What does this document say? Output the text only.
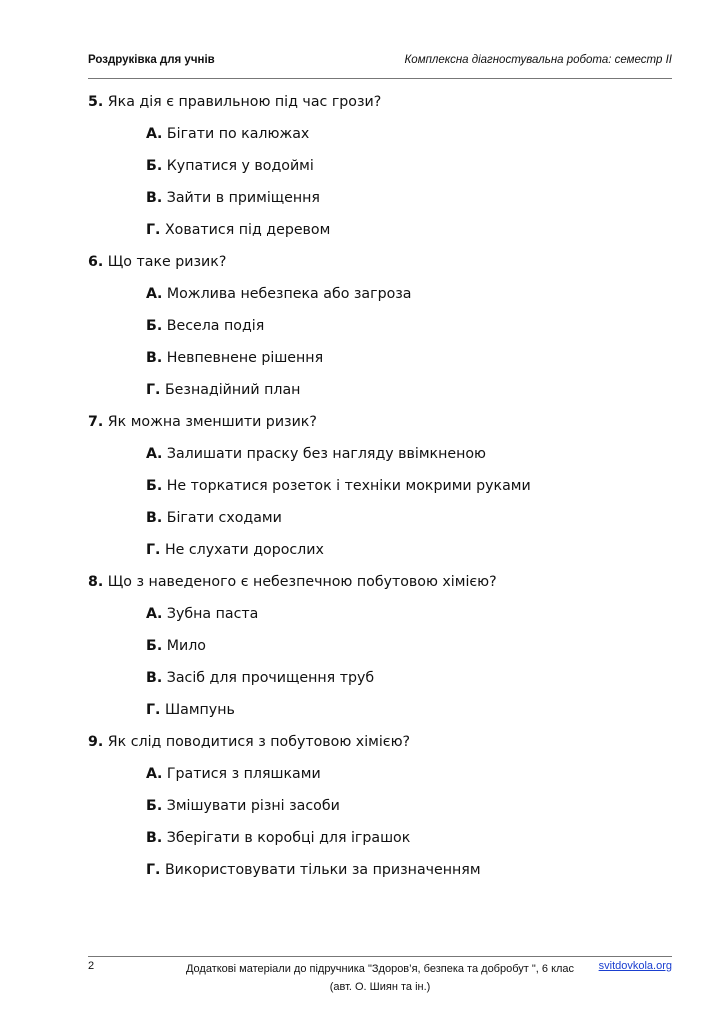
Роздруківка для учнів	Комплексна діагностувальна робота: семестр ІІ
5. Яка дія є правильною під час грози?
А. Бігати по калюжах
Б. Купатися у водоймі
В. Зайти в приміщення
Г. Ховатися під деревом
6. Що таке ризик?
А. Можлива небезпека або загроза
Б. Весела подія
В. Невпевнене рішення
Г. Безнадійний план
7. Як можна зменшити ризик?
А. Залишати праску без нагляду ввімкненою
Б. Не торкатися розеток і техніки мокрими руками
В. Бігати сходами
Г. Не слухати дорослих
8. Що з наведеного є небезпечною побутовою хімією?
А. Зубна паста
Б. Мило
В. Засіб для прочищення труб
Г. Шампунь
9. Як слід поводитися з побутовою хімією?
А. Гратися з пляшками
Б. Змішувати різні засоби
В. Зберігати в коробці для іграшок
Г. Використовувати тільки за призначенням
2	Додаткові матеріали до підручника "Здоров’я, безпека та добробут ", 6 клас
(авт. О. Шиян та ін.)
svitdovkola.org
